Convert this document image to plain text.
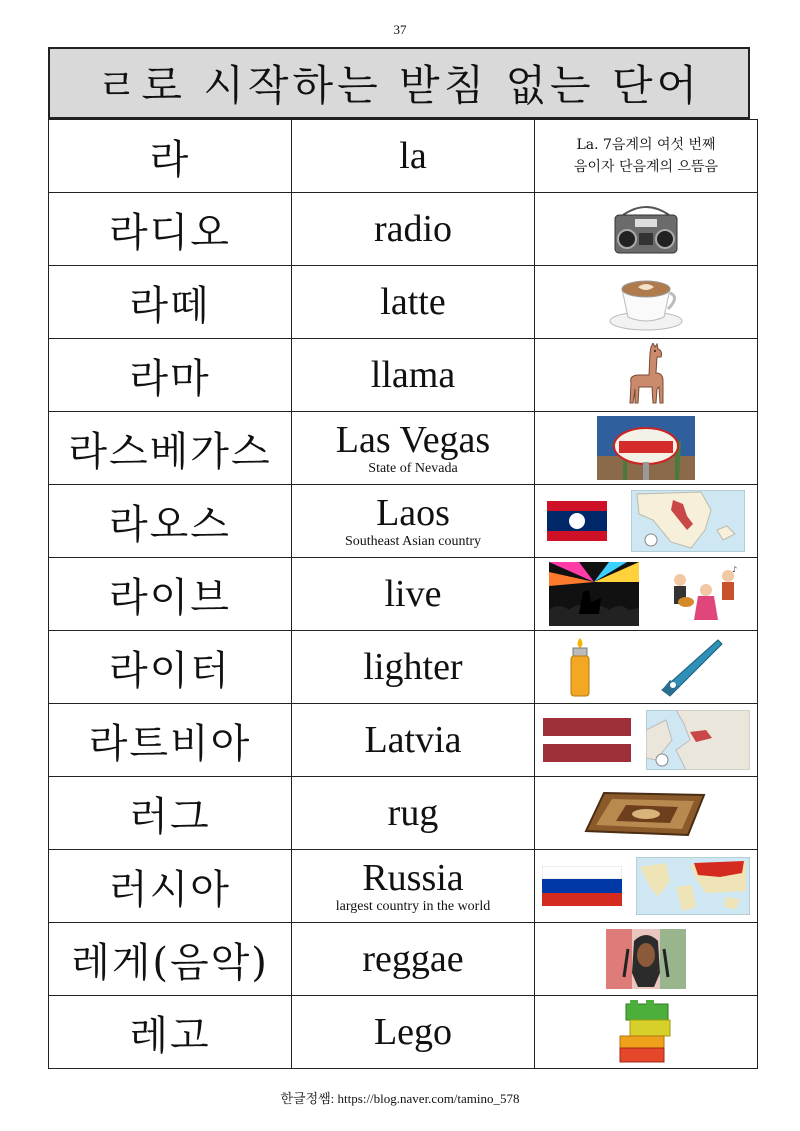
37
ㄹ로 시작하는 받침 없는 단어
라	la	La. 7음계의 여섯 번째
음이자 단음계의 으뜸음

라디오	radio

라떼	latte

라마	llama

라스베가스	Las Vegas
State of Nevada

라오스	Laos
Southeast Asian country

라이브	live	♪

라이터	lighter

라트비아	Latvia

러그	rug

러시아	Russia
largest country in the world

레게(음악)	reggae

레고	Lego

한글정쌤: https://blog.naver.com/tamino_578
